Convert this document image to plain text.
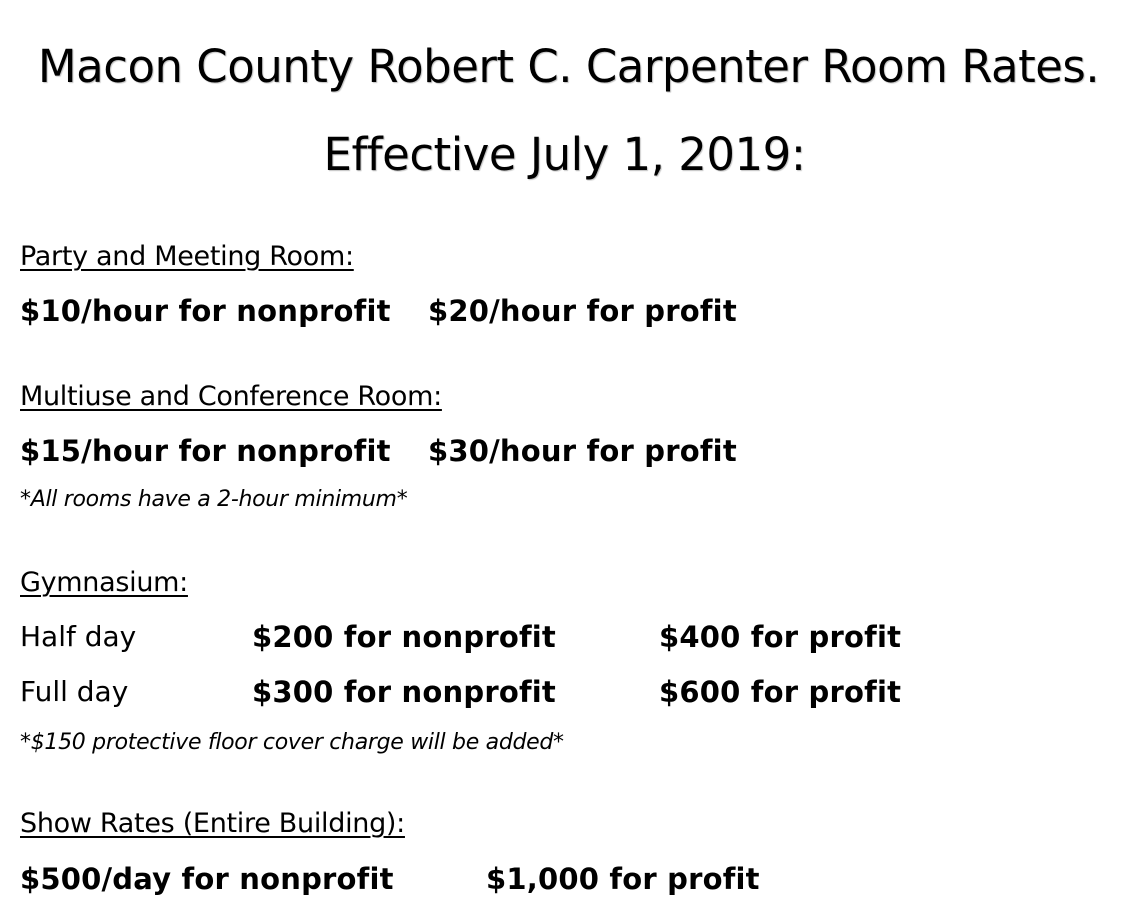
Macon County Robert C. Carpenter Room Rates.
Effective July 1, 2019:
Party and Meeting Room:
$10/hour for nonprofit $20/hour for profit
Multiuse and Conference Room:
$15/hour for nonprofit $30/hour for profit
*All rooms have a 2-hour minimum*
Gymnasium:
Half day	$200 for nonprofit	$400 for profit
Full day	$300 for nonprofit	$600 for profit
*$150 protective floor cover charge will be added*
Show Rates (Entire Building):
$500/day for nonprofit	$1,000 for profit
